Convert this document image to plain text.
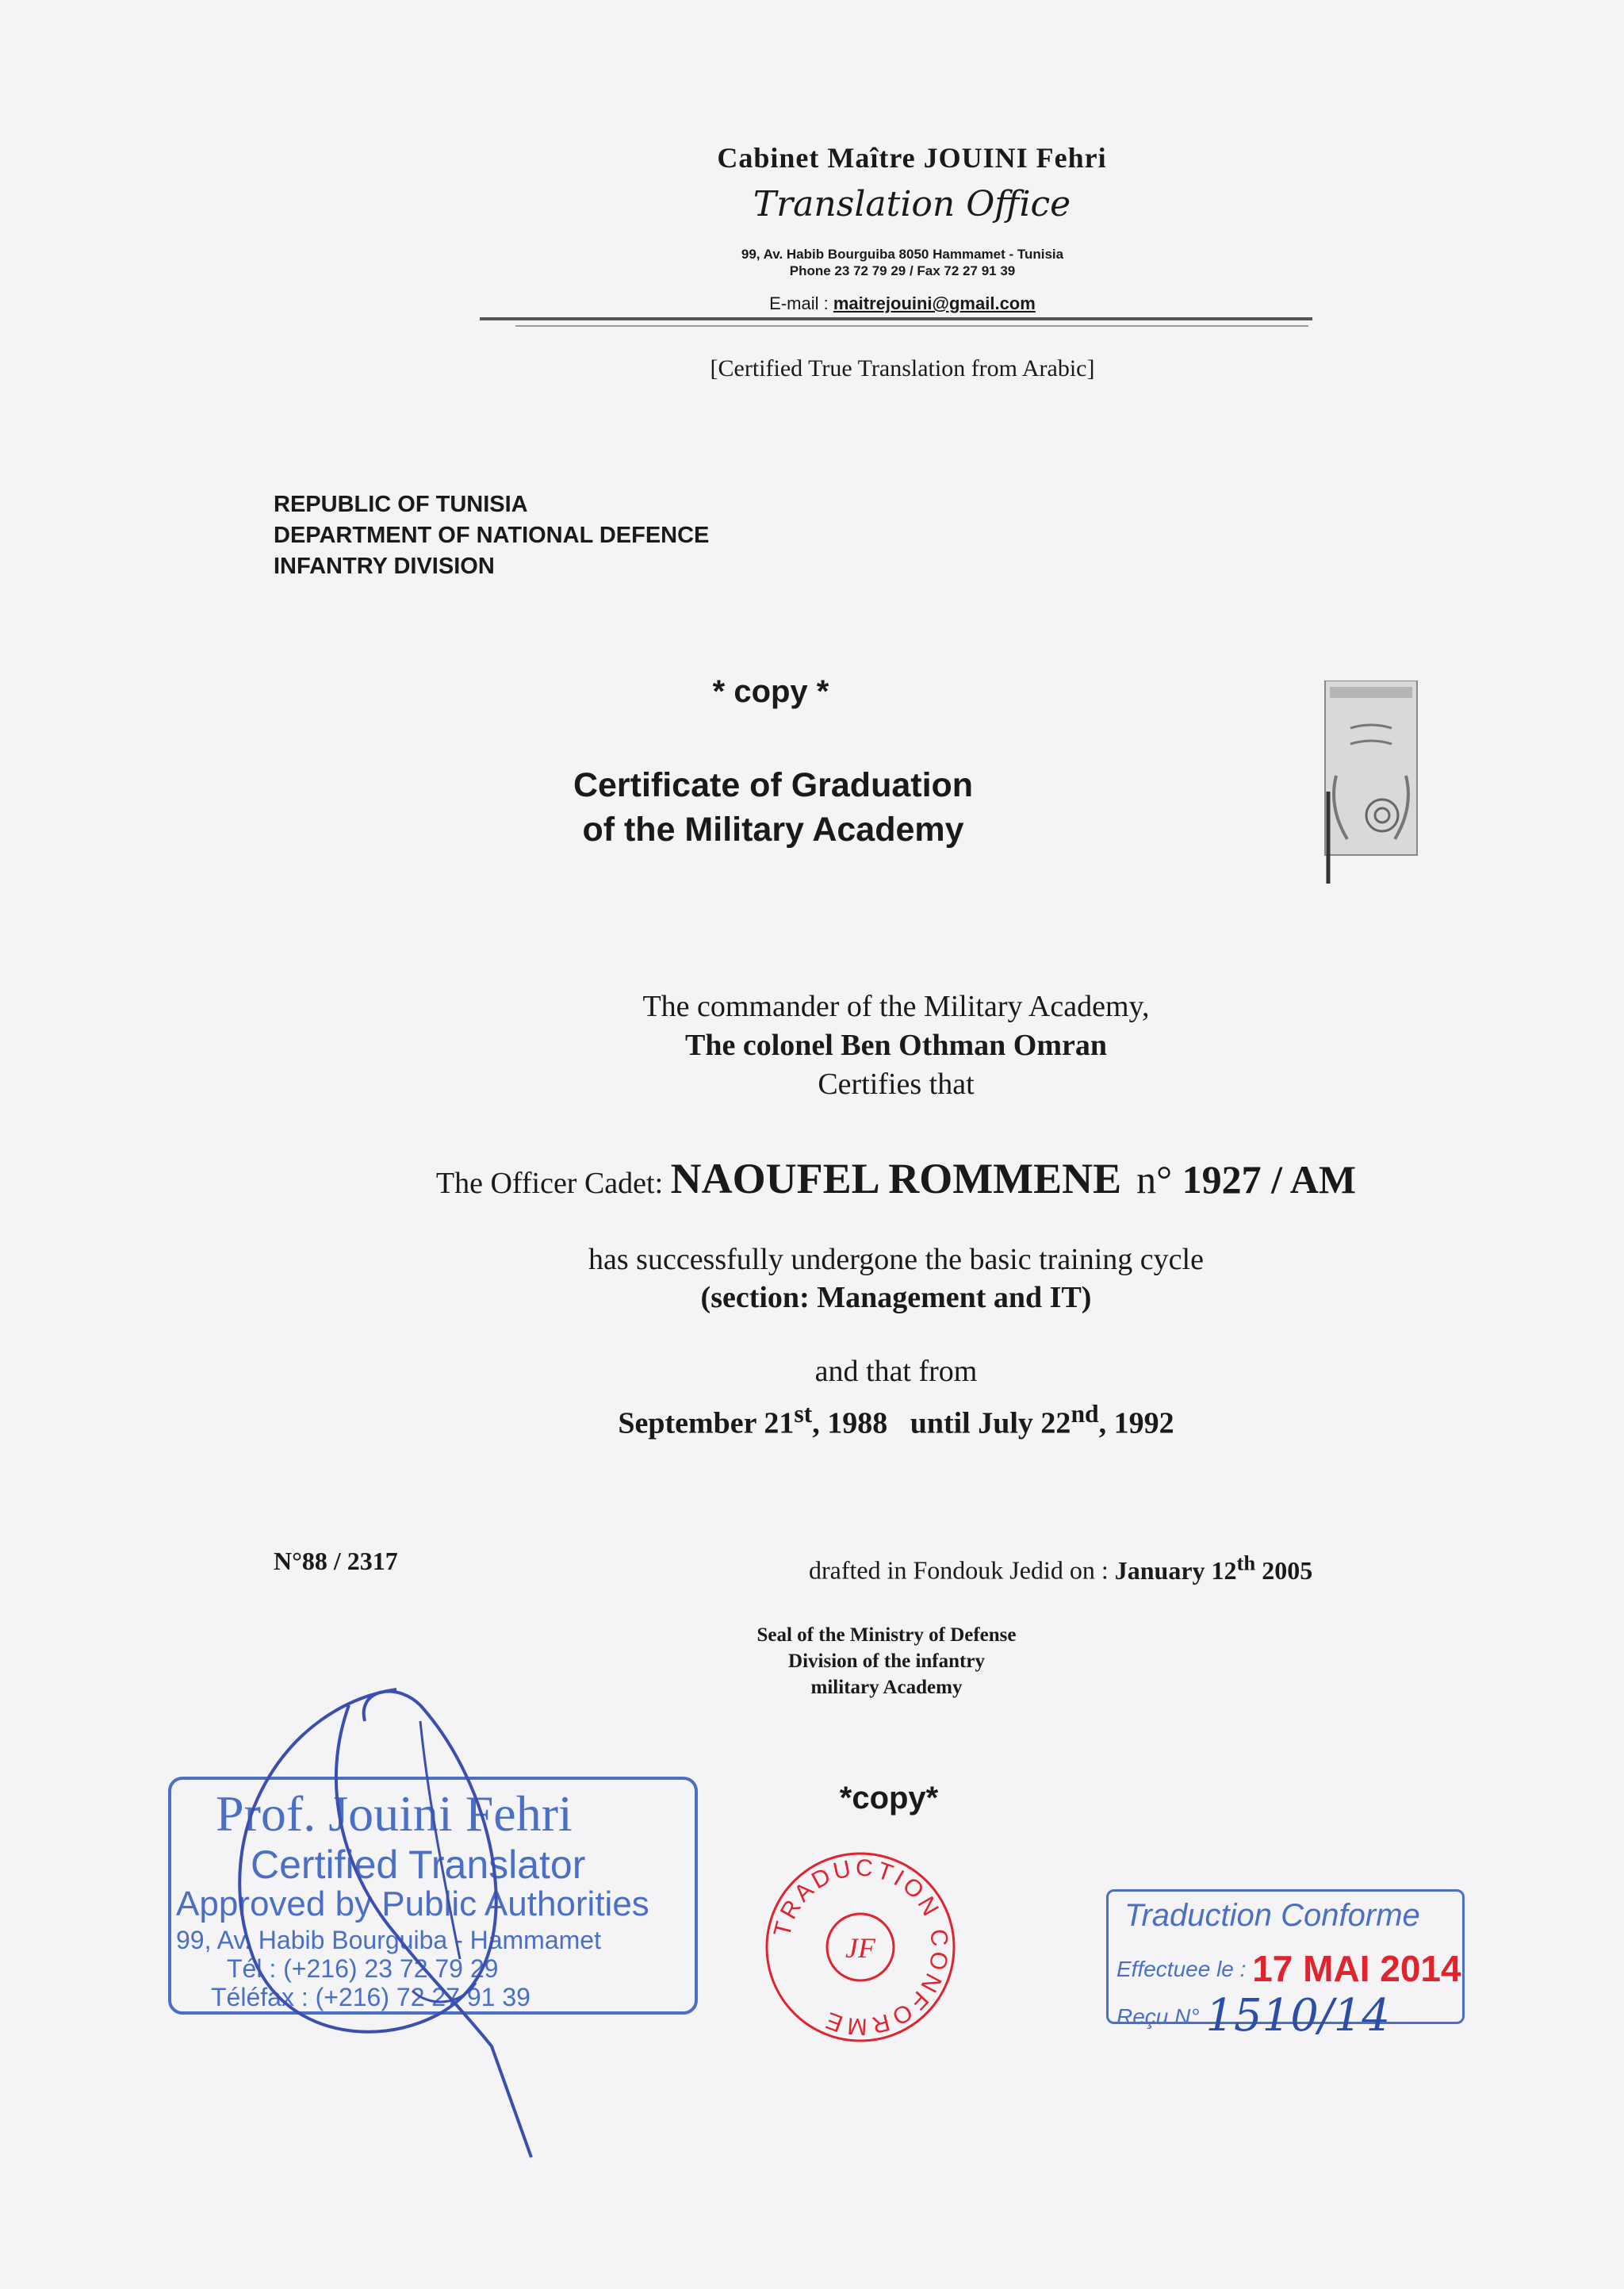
Cabinet Maître JOUINI Fehri
Translation Office
99, Av. Habib Bourguiba 8050 Hammamet - Tunisia
Phone 23 72 79 29 / Fax 72 27 91 39
E-mail : maitrejouini@gmail.com
[Certified True Translation from Arabic]
REPUBLIC OF TUNISIA
DEPARTMENT OF NATIONAL DEFENCE
INFANTRY DIVISION
* copy *
Certificate of Graduation
of the Military Academy
The commander of the Military Academy,
The colonel Ben Othman Omran
Certifies that
The Officer Cadet: NAOUFEL ROMMENE n° 1927 / AM
has successfully undergone the basic training cycle
(section: Management and IT)
and that from
September 21st, 1988 until July 22nd, 1992
N°88 / 2317	drafted in Fondouk Jedid on : January 12th 2005
Seal of the Ministry of Defense
Division of the infantry
military Academy
*copy*
Prof. Jouini Fehri
Certified Translator
Approved by Public Authorities
99, Av. Habib Bourguiba - Hammamet
Tél : (+216) 23 72 79 29
Téléfax : (+216) 72 27 91 39
TRADUCTION CONFORME
JF
Traduction Conforme
Effectuee le : 17 MAI 2014
Reçu N° 1510/14
